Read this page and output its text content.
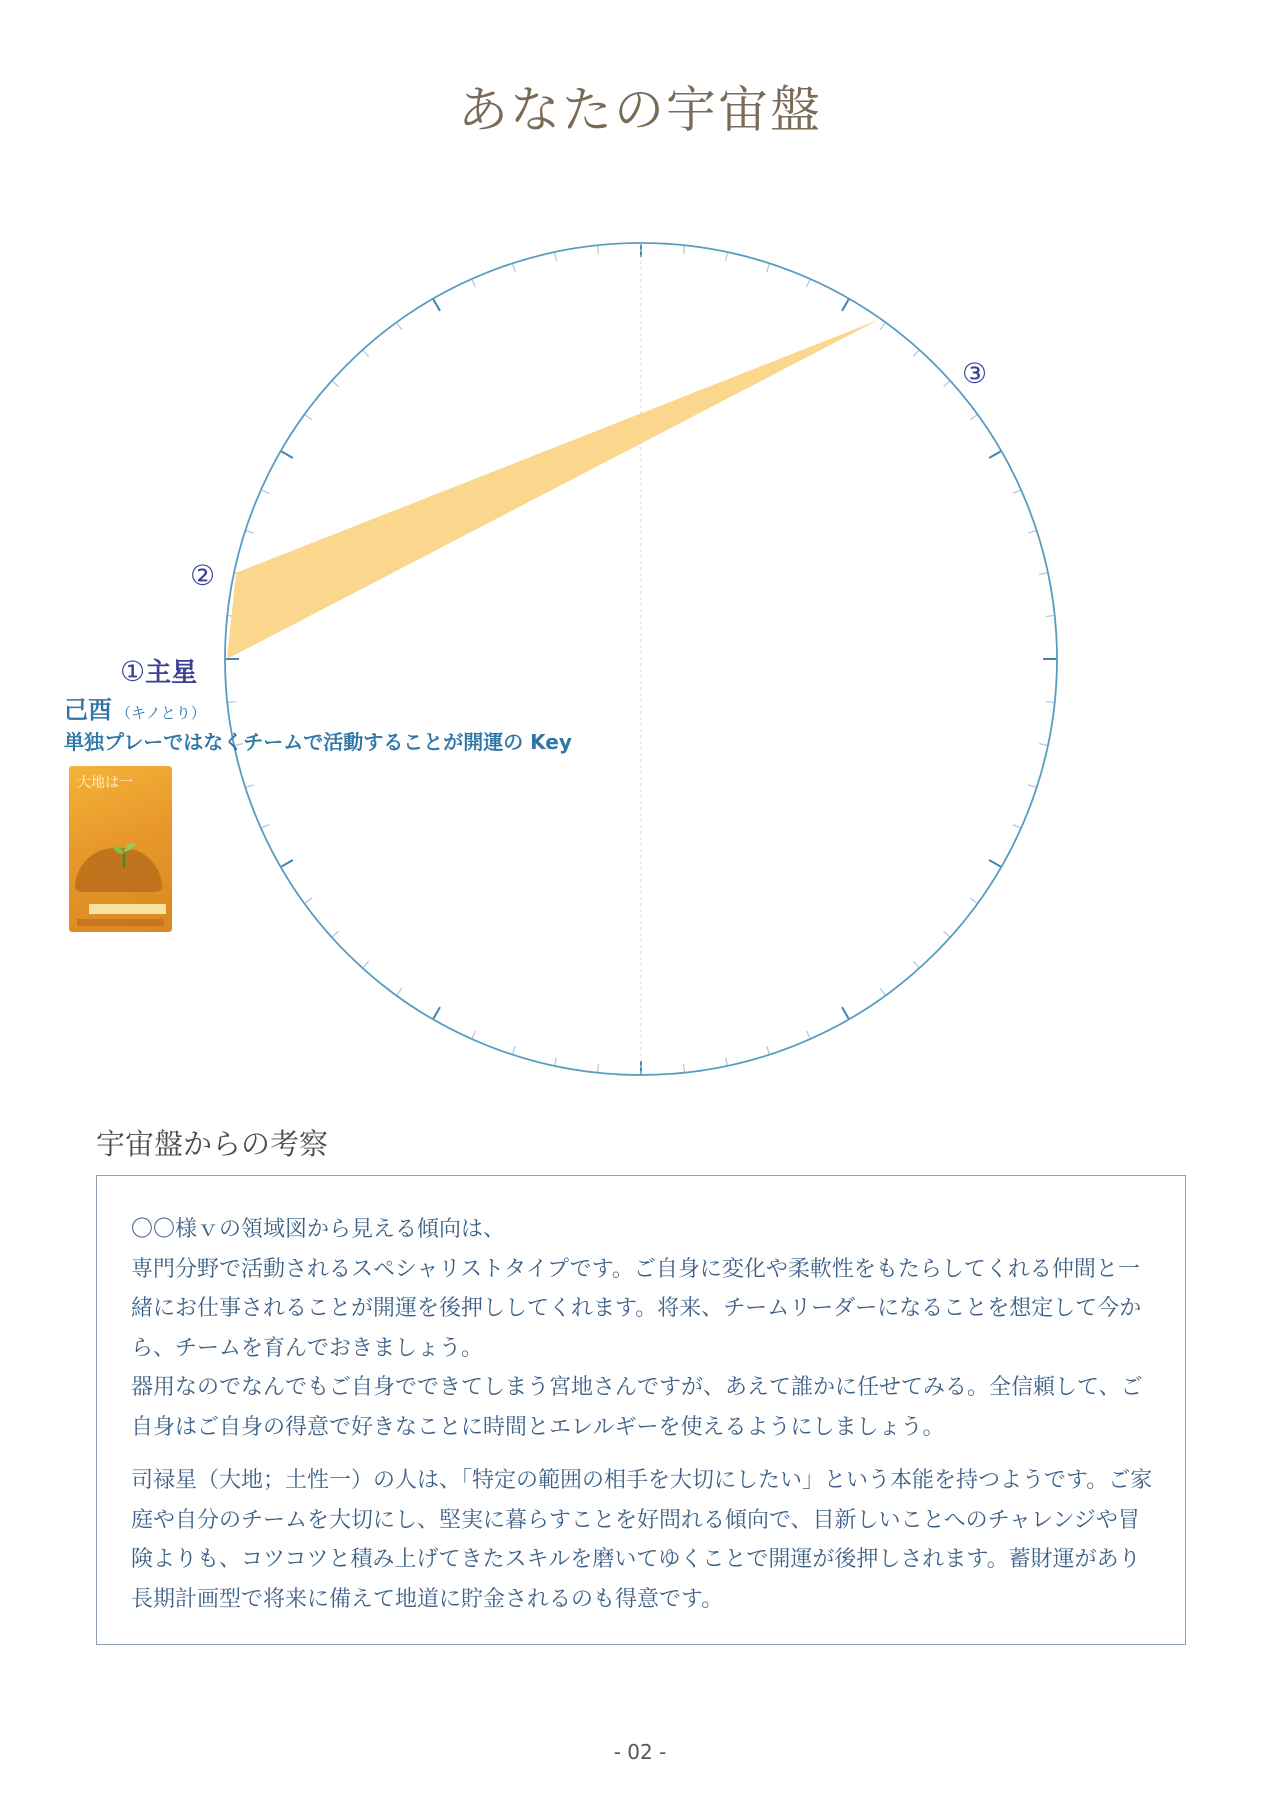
あなたの宇宙盤
②
③
①主星
己酉 （キノとり）
単独プレーではなくチームで活動することが開運の Key
大地は一
宇宙盤からの考察

〇〇様ｖの領域図から見える傾向は、
専門分野で活動されるスペシャリストタイプです。ご自身に変化や柔軟性をもたらしてくれる仲間と一緒にお仕事されることが開運を後押ししてくれます。将来、チームリーダーになることを想定して今から、チームを育んでおきましょう。
器用なのでなんでもご自身でできてしまう宮地さんですが、あえて誰かに任せてみる。全信頼して、ご自身はご自身の得意で好きなことに時間とエレルギーを使えるようにしましょう。

司禄星（大地；土性一）の人は、「特定の範囲の相手を大切にしたい」という本能を持つようです。ご家庭や自分のチームを大切にし、堅実に暮らすことを好問れる傾向で、目新しいことへのチャレンジや冒険よりも、コツコツと積み上げてきたスキルを磨いてゆくことで開運が後押しされます。蓄財運があり長期計画型で将来に備えて地道に貯金されるのも得意です。

- 02 -
